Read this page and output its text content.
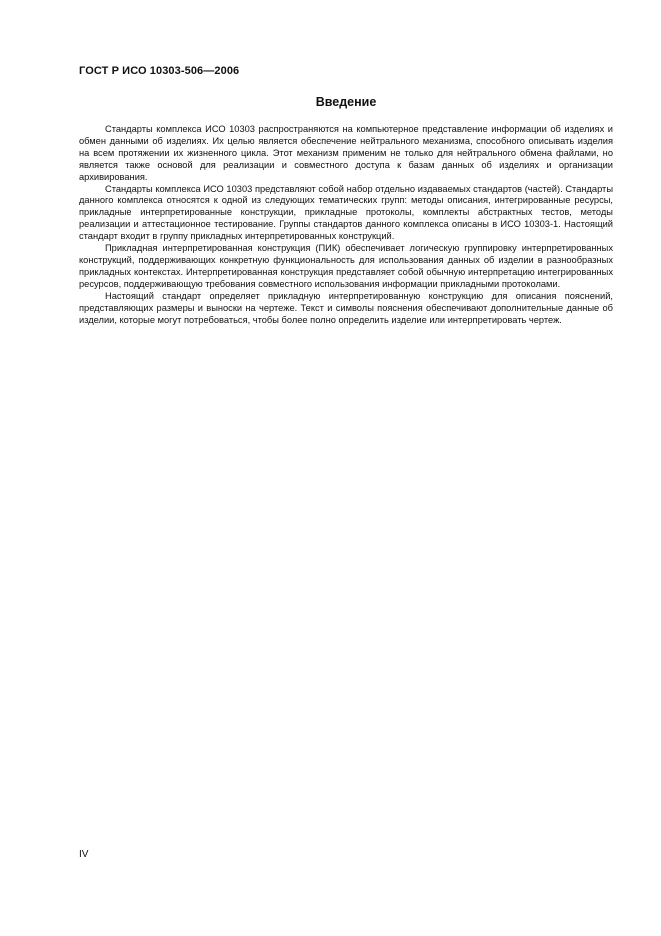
ГОСТ Р ИСО 10303-506—2006
Введение

Стандарты комплекса ИСО 10303 распространяются на компьютерное представление информации об изделиях и обмен данными об изделиях. Их целью является обеспечение нейтрального механизма, способного описывать изделия на всем протяжении их жизненного цикла. Этот механизм применим не только для нейтрального обмена файлами, но является также основой для реализации и совместного доступа к базам данных об изделиях и организации архивирования.

Стандарты комплекса ИСО 10303 представляют собой набор отдельно издаваемых стандартов (частей). Стандарты данного комплекса относятся к одной из следующих тематических групп: методы описания, интегрированные ресурсы, прикладные интерпретированные конструкции, прикладные протоколы, комплекты абстрактных тестов, методы реализации и аттестационное тестирование. Группы стандартов данного комплекса описаны в ИСО 10303-1. Настоящий стандарт входит в группу прикладных интерпретированных конструкций.

Прикладная интерпретированная конструкция (ПИК) обеспечивает логическую группировку интерпретированных конструкций, поддерживающих конкретную функциональность для использования данных об изделии в разнообразных прикладных контекстах. Интерпретированная конструкция представляет собой обычную интерпретацию интегрированных ресурсов, поддерживающую требования совместного использования информации прикладными протоколами.

Настоящий стандарт определяет прикладную интерпретированную конструкцию для описания пояснений, представляющих размеры и выноски на чертеже. Текст и символы пояснения обеспечивают дополнительные данные об изделии, которые могут потребоваться, чтобы более полно определить изделие или интерпретировать чертеж.

IV
